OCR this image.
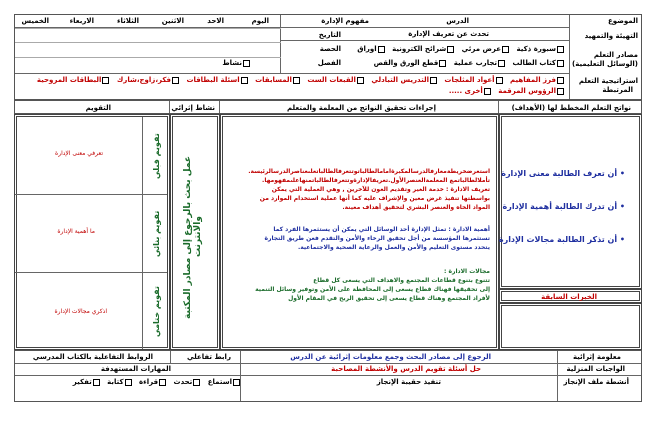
الموضوع
التهيئة والتمهيد
مصادر التعلم
(الوسائل التعليمية)
استراتيجية التعلم
المرتبطة
الدرس
مفهوم الإدارة
اليوم
الاحد
الاثنين
الثلاثاء
الاربعاء
الخميس
تحدث عن تعريف الإدارة
التاريخ
الحصة
الفصل
سبورة ذكية عرض مرئي شرائح الكترونية اوراق
كتاب الطالب تجارب عملية قطع الورق والقص
فرز المفاهيم أعواد المثلجات التدريس التبادلي القبعات الست المسابقات اسئلة البطاقات فكر،زاوج،شارك البطاقات المروحية
الرؤوس المرقمة أخرى .....
نشاط
نواتج التعلم المخطط لها (الأهداف)
إجراءات تحقيق النواتج من المعلمة والمتعلم
نشاط إثرائي
التقويم
• أن تعرف الطالبة معنى الإدارة
• أن تدرك الطالبة أهمية الإدارة
• أن تذكر الطالبة مجالات الإدارة
الخبرات السابقة
استعرضخريطةمعارفالدرسالمكبرةامامالطالباتوتتعرفالطالباتعلىعناصرالدرسالرئيسة.
تأملالطالباتمع المعلمةالعنصرالأول.تعريفالإدارةوتتعرفالطالباتمنهاعلىمفهومها.
تعريف الادارة : خدمة الغير وتقديم العون للآخرين , وهي العملية التي يمكن
بواسطتها تنفيذ غرض معين والإشراف عليه كما أنها عملية استخدام الموارد من
المواد الخاه والعنصر البشري لتحقيق أهداف معينة.
أهمية الادارة : تمثل الإدارة أحد الوسائل التي يمكن أن يستثمرها الفرد كما
تستثمرها المؤسسة من أجل تحقيق الرخاء والأمن والتقدم فعن طريق التجارة
يتحدد مستوى التعليم والأمن والعمل والرعاية الصحية والاجتماعية.
مجالات الادارة :
تتنوع بتنوع قطاعات المجتمع والاهداف التي يسعى كل قطاع
إلى تحقيقها فهناك قطاع يسعى إلى المحافظة على الأمن وتوفير وسائل التنمية
لأفراد المجتمع وهناك قطاع يسعى إلى تحقيق الربح في المقام الأول
عمل بحث بالرجوع إلى مصادر المكتبة والانترنت
تقويم قبلي
تقويم بنائي
تقويم ختامي
تعرفي معنى الإدارة
ما أهمية الإدارة
اذكري مجالات الإدارة
معلومة إثرائية
الرجوع إلى مصادر البحث وجمع معلومات إثرائية عن الدرس
رابط تفاعلي
الروابط التفاعلية بالكتاب المدرسي
الواجبات المنزلية
حل أسئلة تقويم الدرس والأنشطة المصاحبة
المهارات المستهدفة
أنشطة ملف الإنجاز
تنفيذ حقيبة الإنجاز
استماع تحدث قراءة كتابة تفكير
